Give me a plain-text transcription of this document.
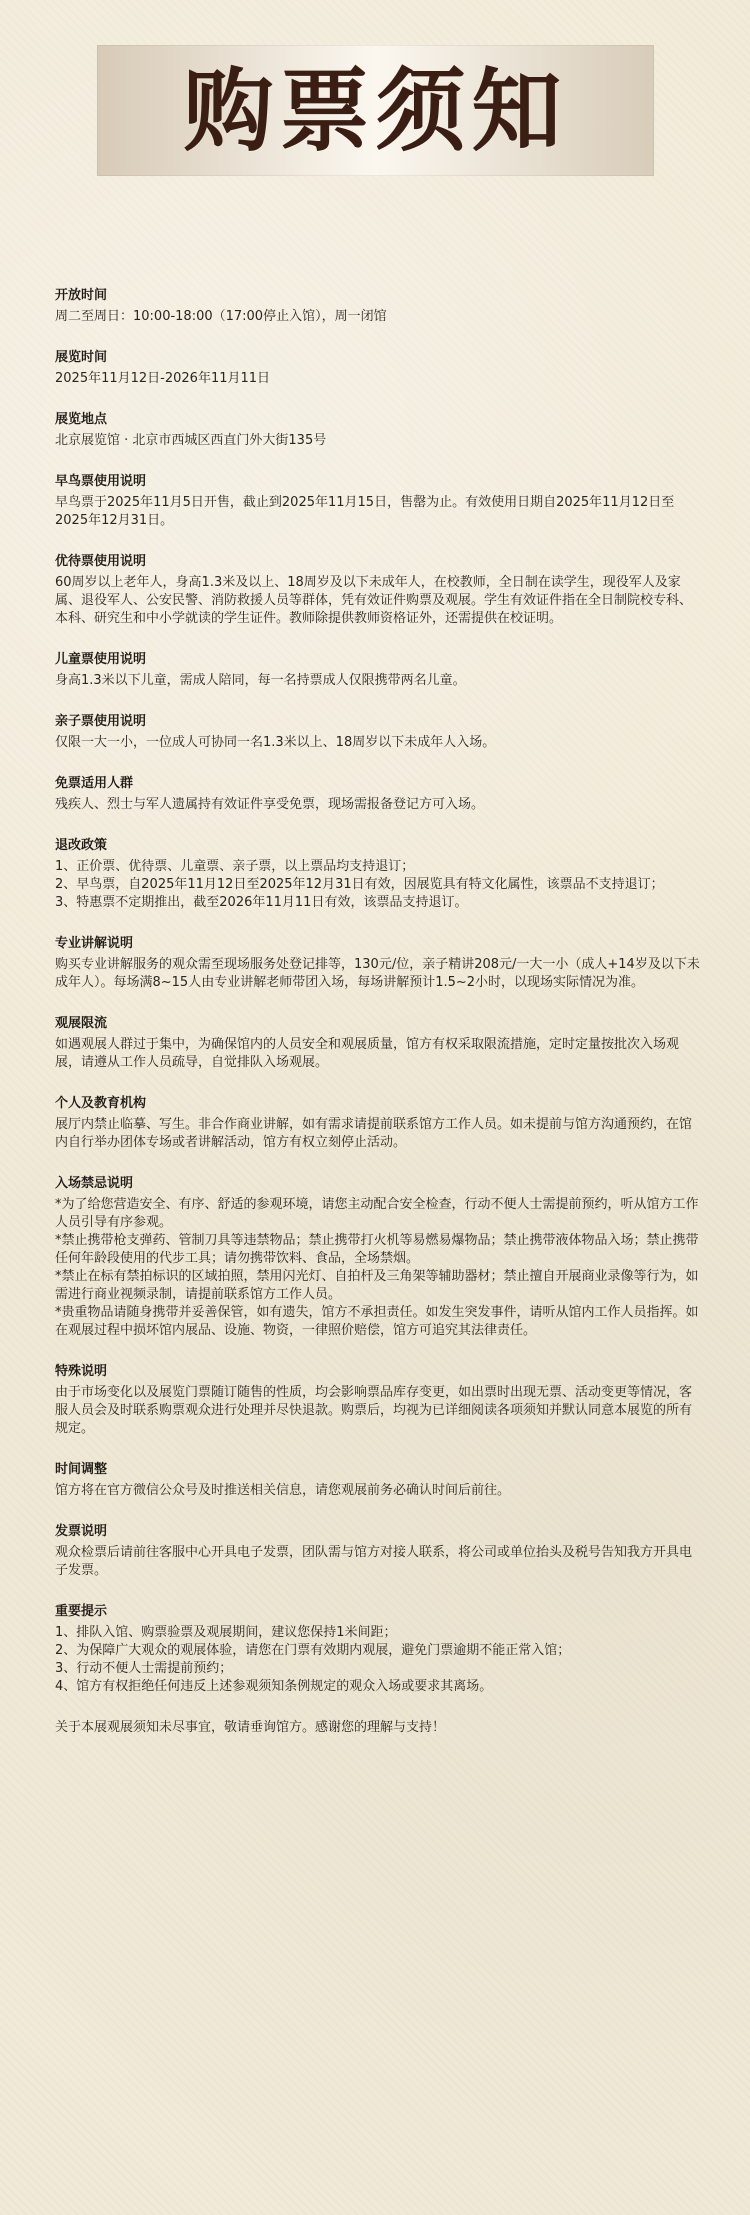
购票须知
开放时间
周二至周日：10:00-18:00（17:00停止入馆），周一闭馆
展览时间
2025年11月12日-2026年11月11日
展览地点
北京展览馆 · 北京市西城区西直门外大街135号
早鸟票使用说明
早鸟票于2025年11月5日开售，截止到2025年11月15日，售罄为止。有效使用日期自2025年11月12日至2025年12月31日。
优待票使用说明
60周岁以上老年人，身高1.3米及以上、18周岁及以下未成年人，在校教师，全日制在读学生，现役军人及家属、退役军人、公安民警、消防救援人员等群体，凭有效证件购票及观展。学生有效证件指在全日制院校专科、本科、研究生和中小学就读的学生证件。教师除提供教师资格证外，还需提供在校证明。
儿童票使用说明
身高1.3米以下儿童，需成人陪同，每一名持票成人仅限携带两名儿童。
亲子票使用说明
仅限一大一小，一位成人可协同一名1.3米以上、18周岁以下未成年人入场。
免票适用人群
残疾人、烈士与军人遗属持有效证件享受免票，现场需报备登记方可入场。
退改政策
1、正价票、优待票、儿童票、亲子票，以上票品均支持退订；
2、早鸟票，自2025年11月12日至2025年12月31日有效，因展览具有特文化属性，该票品不支持退订；
3、特惠票不定期推出，截至2026年11月11日有效，该票品支持退订。
专业讲解说明
购买专业讲解服务的观众需至现场服务处登记排等，130元/位，亲子精讲208元/一大一小（成人+14岁及以下未成年人）。每场满8~15人由专业讲解老师带团入场，每场讲解预计1.5~2小时，以现场实际情况为准。
观展限流
如遇观展人群过于集中，为确保馆内的人员安全和观展质量，馆方有权采取限流措施，定时定量按批次入场观展，请遵从工作人员疏导，自觉排队入场观展。
个人及教育机构
展厅内禁止临摹、写生。非合作商业讲解，如有需求请提前联系馆方工作人员。如未提前与馆方沟通预约，在馆内自行举办团体专场或者讲解活动，馆方有权立刻停止活动。
入场禁忌说明
*为了给您营造安全、有序、舒适的参观环境，请您主动配合安全检查，行动不便人士需提前预约，听从馆方工作人员引导有序参观。
*禁止携带枪支弹药、管制刀具等违禁物品；禁止携带打火机等易燃易爆物品；禁止携带液体物品入场；禁止携带任何年龄段使用的代步工具；请勿携带饮料、食品，全场禁烟。
*禁止在标有禁拍标识的区域拍照，禁用闪光灯、自拍杆及三角架等辅助器材；禁止擅自开展商业录像等行为，如需进行商业视频录制，请提前联系馆方工作人员。
*贵重物品请随身携带并妥善保管，如有遗失，馆方不承担责任。如发生突发事件，请听从馆内工作人员指挥。如在观展过程中损坏馆内展品、设施、物资，一律照价赔偿，馆方可追究其法律责任。
特殊说明
由于市场变化以及展览门票随订随售的性质，均会影响票品库存变更，如出票时出现无票、活动变更等情况，客服人员会及时联系购票观众进行处理并尽快退款。购票后，均视为已详细阅读各项须知并默认同意本展览的所有规定。
时间调整
馆方将在官方微信公众号及时推送相关信息，请您观展前务必确认时间后前往。
发票说明
观众检票后请前往客服中心开具电子发票，团队需与馆方对接人联系，将公司或单位抬头及税号告知我方开具电子发票。
重要提示
1、排队入馆、购票验票及观展期间，建议您保持1米间距；
2、为保障广大观众的观展体验，请您在门票有效期内观展，避免门票逾期不能正常入馆；
3、行动不便人士需提前预约；
4、馆方有权拒绝任何违反上述参观须知条例规定的观众入场或要求其离场。
关于本展观展须知未尽事宜，敬请垂询馆方。感谢您的理解与支持！
